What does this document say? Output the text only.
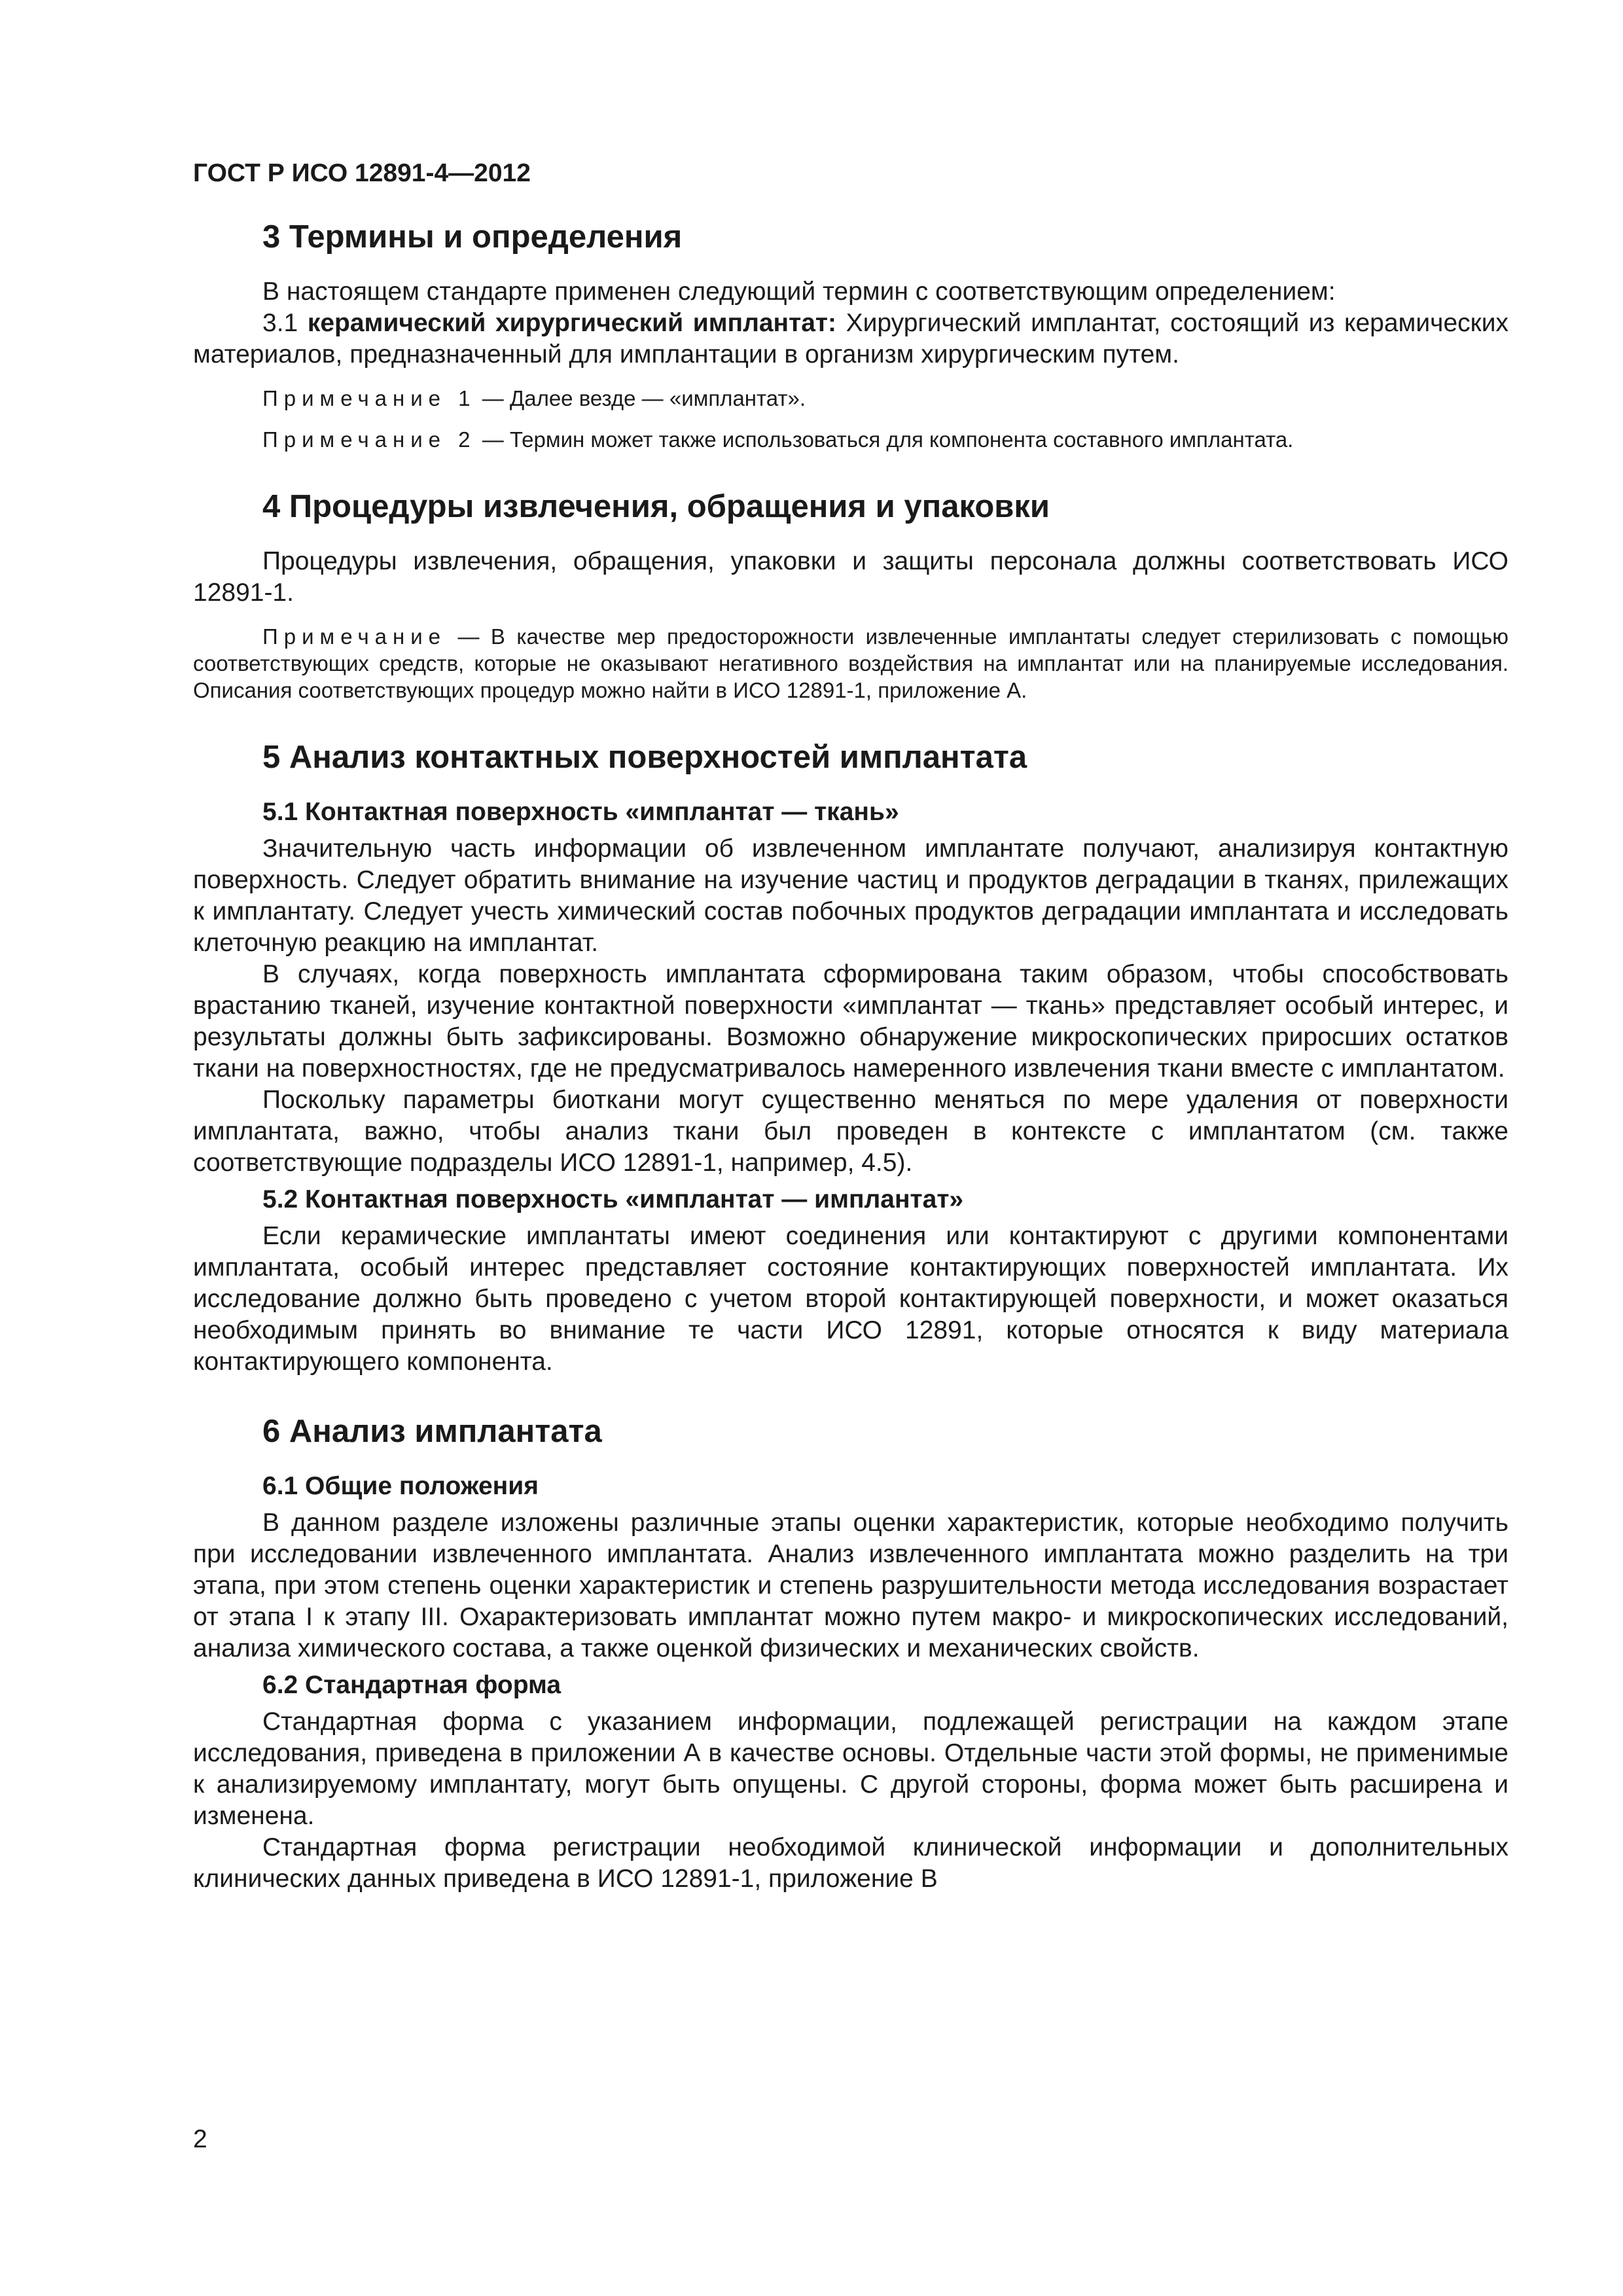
ГОСТ Р ИСО 12891-4—2012
3 Термины и определения

В настоящем стандарте применен следующий термин с соответствующим определением:

3.1 керамический хирургический имплантат: Хирургический имплантат, состоящий из керамических материалов, предназначенный для имплантации в организм хирургическим путем.

Примечание 1 — Далее везде — «имплантат».
Примечание 2 — Термин может также использоваться для компонента составного имплантата.
4 Процедуры извлечения, обращения и упаковки

Процедуры извлечения, обращения, упаковки и защиты персонала должны соответствовать ИСО 12891-1.

Примечание — В качестве мер предосторожности извлеченные имплантаты следует стерилизовать с помощью соответствующих средств, которые не оказывают негативного воздействия на имплантат или на планируемые исследования. Описания соответствующих процедур можно найти в ИСО 12891-1, приложение А.
5 Анализ контактных поверхностей имплантата
5.1 Контактная поверхность «имплантат — ткань»

Значительную часть информации об извлеченном имплантате получают, анализируя контактную поверхность. Следует обратить внимание на изучение частиц и продуктов деградации в тканях, прилежащих к имплантату. Следует учесть химический состав побочных продуктов деградации имплантата и исследовать клеточную реакцию на имплантат.

В случаях, когда поверхность имплантата сформирована таким образом, чтобы способствовать врастанию тканей, изучение контактной поверхности «имплантат — ткань» представляет особый интерес, и результаты должны быть зафиксированы. Возможно обнаружение микроскопических приросших остатков ткани на поверхностностях, где не предусматривалось намеренного извлечения ткани вместе с имплантатом.

Поскольку параметры биоткани могут существенно меняться по мере удаления от поверхности имплантата, важно, чтобы анализ ткани был проведен в контексте с имплантатом (см. также соответствующие подразделы ИСО 12891-1, например, 4.5).

5.2 Контактная поверхность «имплантат — имплантат»

Если керамические имплантаты имеют соединения или контактируют с другими компонентами имплантата, особый интерес представляет состояние контактирующих поверхностей имплантата. Их исследование должно быть проведено с учетом второй контактирующей поверхности, и может оказаться необходимым принять во внимание те части ИСО 12891, которые относятся к виду материала контактирующего компонента.

6 Анализ имплантата
6.1 Общие положения

В данном разделе изложены различные этапы оценки характеристик, которые необходимо получить при исследовании извлеченного имплантата. Анализ извлеченного имплантата можно разделить на три этапа, при этом степень оценки характеристик и степень разрушительности метода исследования возрастает от этапа I к этапу III. Охарактеризовать имплантат можно путем макро- и микроскопических исследований, анализа химического состава, а также оценкой физических и механических свойств.

6.2 Стандартная форма

Стандартная форма с указанием информации, подлежащей регистрации на каждом этапе исследования, приведена в приложении А в качестве основы. Отдельные части этой формы, не применимые к анализируемому имплантату, могут быть опущены. С другой стороны, форма может быть расширена и изменена.

Стандартная форма регистрации необходимой клинической информации и дополнительных клинических данных приведена в ИСО 12891-1, приложение В

2
